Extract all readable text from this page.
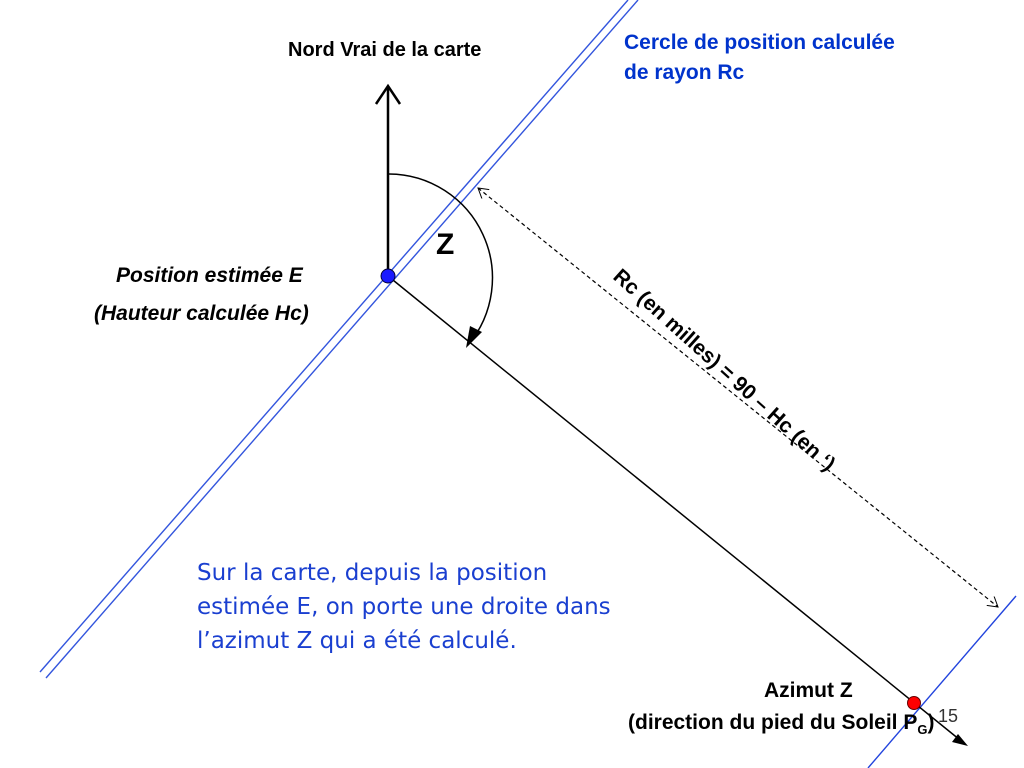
Rc (en milles) = 90 – Hc (en ‘)
Nord Vrai de la carte	Cercle de position calculée
de rayon Rc
Z
Position estimée E
(Hauteur calculée Hc)
Sur la carte, depuis la position
estimée E, on porte une droite dans
l’azimut Z qui a été calculé.
Azimut Z
(direction du pied du Soleil $P_G$) 15
